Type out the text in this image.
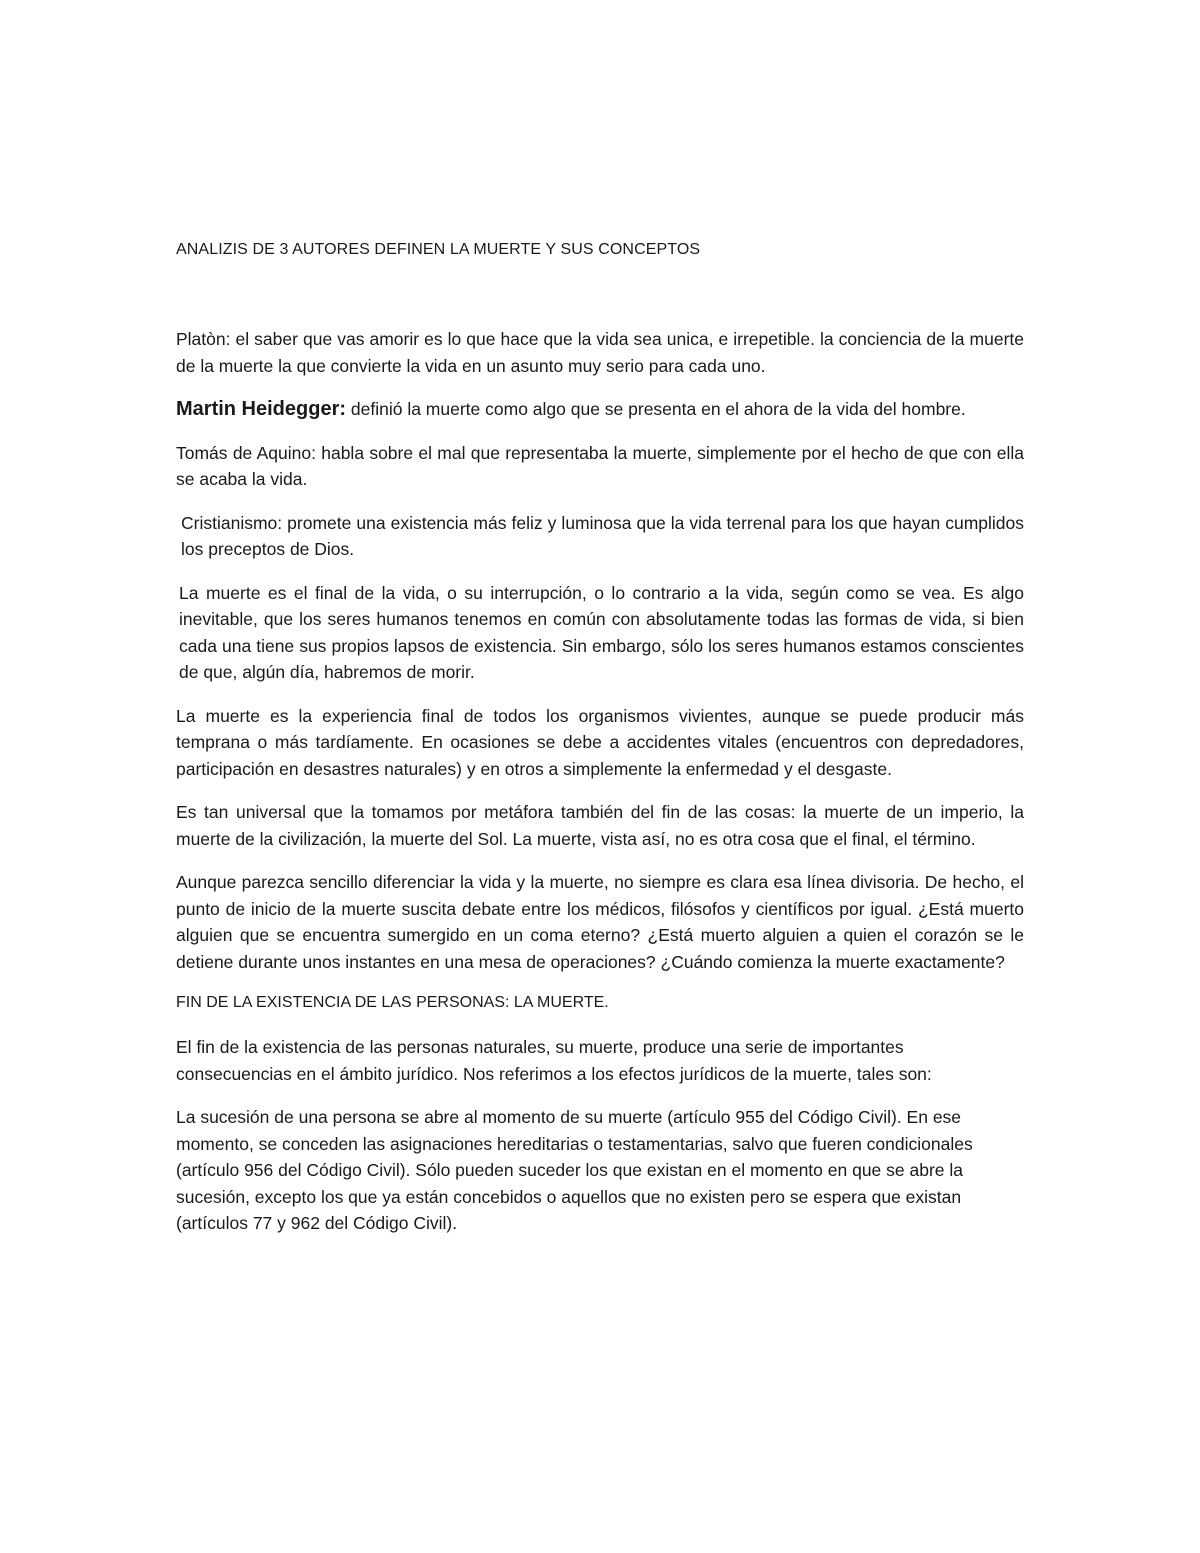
ANALIZIS DE 3 AUTORES DEFINEN LA MUERTE Y SUS CONCEPTOS

Platòn: el saber que vas amorir es lo que hace que la vida sea unica, e irrepetible. la conciencia de la muerte de la muerte la que convierte la vida en un asunto muy serio para cada uno.

Martin Heidegger: definió la muerte como algo que se presenta en el ahora de la vida del hombre.

Tomás de Aquino: habla sobre el mal que representaba la muerte, simplemente por el hecho de que con ella se acaba la vida.

Cristianismo: promete una existencia más feliz y luminosa que la vida terrenal para los que hayan cumplidos los preceptos de Dios.

La muerte es el final de la vida, o su interrupción, o lo contrario a la vida, según como se vea. Es algo inevitable, que los seres humanos tenemos en común con absolutamente todas las formas de vida, si bien cada una tiene sus propios lapsos de existencia. Sin embargo, sólo los seres humanos estamos conscientes de que, algún día, habremos de morir.

La muerte es la experiencia final de todos los organismos vivientes, aunque se puede producir más temprana o más tardíamente. En ocasiones se debe a accidentes vitales (encuentros con depredadores, participación en desastres naturales) y en otros a simplemente la enfermedad y el desgaste.

Es tan universal que la tomamos por metáfora también del fin de las cosas: la muerte de un imperio, la muerte de la civilización, la muerte del Sol. La muerte, vista así, no es otra cosa que el final, el término.

Aunque parezca sencillo diferenciar la vida y la muerte, no siempre es clara esa línea divisoria. De hecho, el punto de inicio de la muerte suscita debate entre los médicos, filósofos y científicos por igual. ¿Está muerto alguien que se encuentra sumergido en un coma eterno? ¿Está muerto alguien a quien el corazón se le detiene durante unos instantes en una mesa de operaciones? ¿Cuándo comienza la muerte exactamente?

FIN DE LA EXISTENCIA DE LAS PERSONAS: LA MUERTE.

El fin de la existencia de las personas naturales, su muerte, produce una serie de importantes consecuencias en el ámbito jurídico. Nos referimos a los efectos jurídicos de la muerte, tales son:

La sucesión de una persona se abre al momento de su muerte (artículo 955 del Código Civil). En ese momento, se conceden las asignaciones hereditarias o testamentarias, salvo que fueren condicionales (artículo 956 del Código Civil). Sólo pueden suceder los que existan en el momento en que se abre la sucesión, excepto los que ya están concebidos o aquellos que no existen pero se espera que existan (artículos 77 y 962 del Código Civil).
